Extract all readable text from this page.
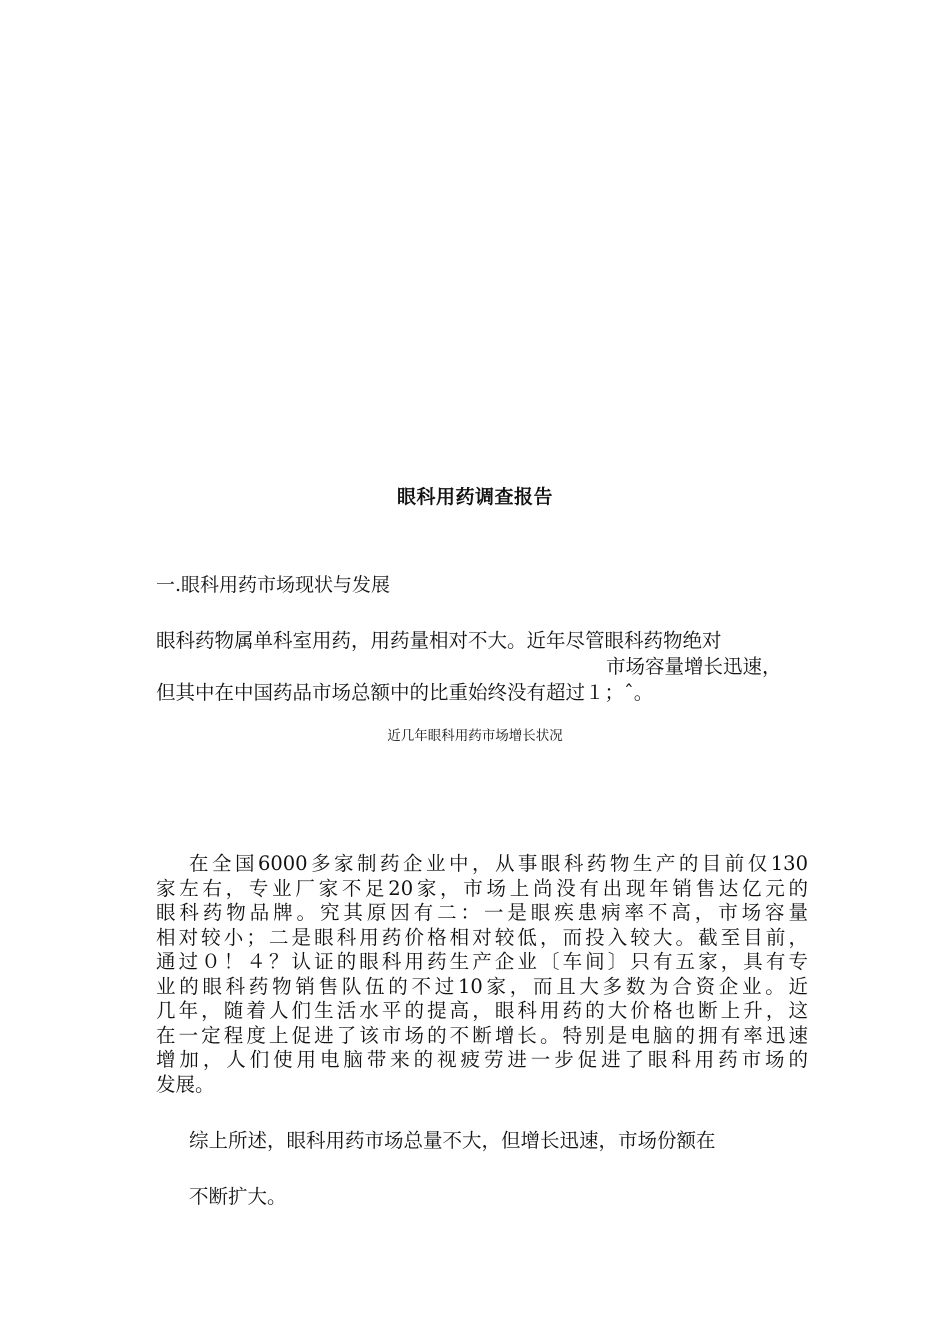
眼科用药调查报告
一.眼科用药市场现状与发展
眼科药物属单科室用药，用药量相对不大。近年尽管眼科药物绝对
市场容量增长迅速，
但其中在中国药品市场总额中的比重始终没有超过１；ˆ。
近几年眼科用药市场增长状况
在全国6000多家制药企业中，从事眼科药物生产的目前仅130
家左右，专业厂家不足20家，市场上尚没有出现年销售达亿元的
眼科药物品牌。究其原因有二：一是眼疾患病率不高，市场容量
相对较小；二是眼科用药价格相对较低，而投入较大。截至目前，
通过０！４？认证的眼科用药生产企业〔车间〕只有五家，具有专
业的眼科药物销售队伍的不过10家，而且大多数为合资企业。近
几年，随着人们生活水平的提高，眼科用药的大价格也断上升，这
在一定程度上促进了该市场的不断增长。特别是电脑的拥有率迅速
增加，人们使用电脑带来的视疲劳进一步促进了眼科用药市场的
发展。
综上所述，眼科用药市场总量不大，但增长迅速，市场份额在
不断扩大。
